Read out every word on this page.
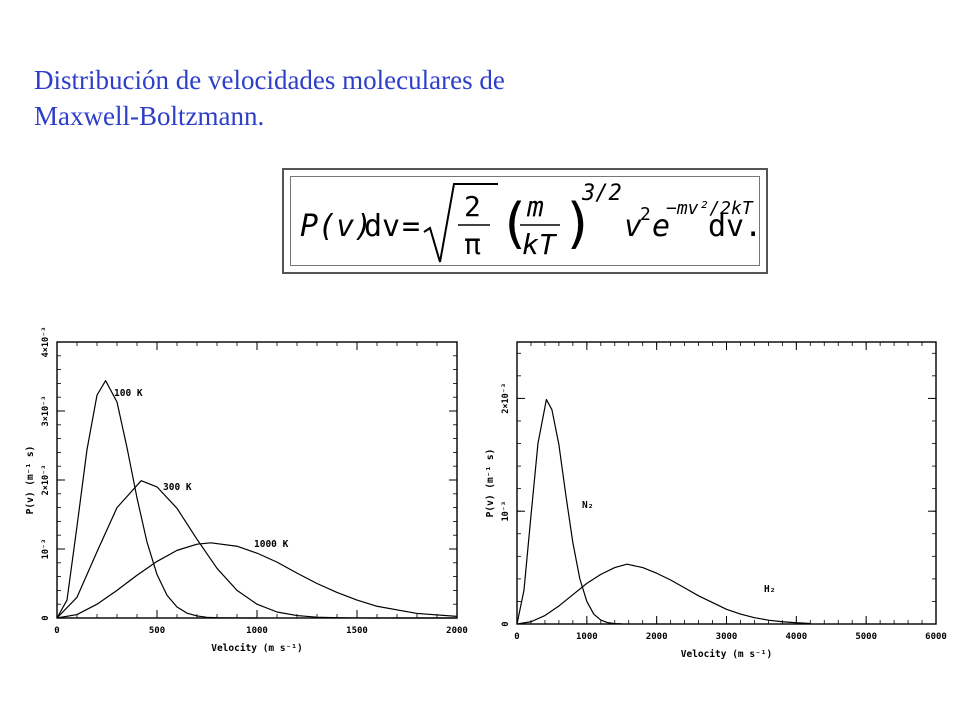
Distribución de velocidades moleculares de
Maxwell-Boltzmann.
P(v)
dv =
2
π (
m
kT )
3/2
v
2 e
−mv²/2kT
dv.
0	500	1000	1500	2000
0
10⁻³
2×10⁻³
3×10⁻³
4×10⁻³
Velocity (m s⁻¹)
P(v) (m⁻¹ s)
100 K
300 K
1000 K
0	1000	2000	3000	4000	5000	6000
0
10⁻³
2×10⁻³
Velocity (m s⁻¹)
P(v) (m⁻¹ s)	N₂
H₂
